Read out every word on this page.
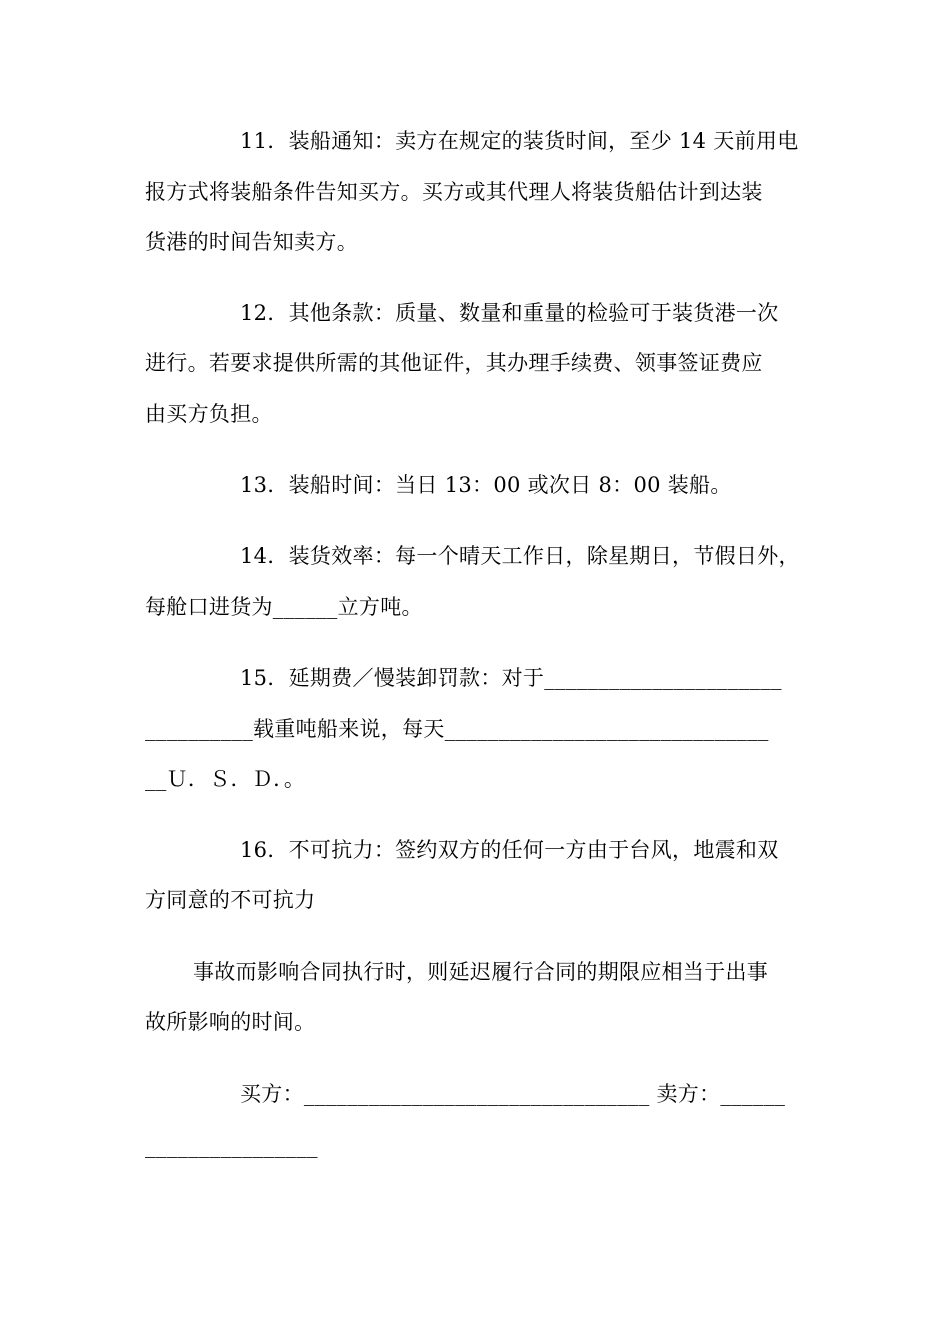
11．装船通知：卖方在规定的装货时间，至少 14 天前用电
报方式将装船条件告知买方。买方或其代理人将装货船估计到达装
货港的时间告知卖方。
12．其他条款：质量、数量和重量的检验可于装货港一次
进行。若要求提供所需的其他证件，其办理手续费、领事签证费应
由买方负担。
13．装船时间：当日 13：00 或次日 8：00 装船。
14．装货效率：每一个晴天工作日，除星期日，节假日外，
每舱口进货为______立方吨。
15．延期费／慢装卸罚款：对于______________________
__________载重吨船来说，每天______________________________
__Ｕ．Ｓ．Ｄ．。
16．不可抗力：签约双方的任何一方由于台风，地震和双
方同意的不可抗力
事故而影响合同执行时，则延迟履行合同的期限应相当于出事
故所影响的时间。
买方：________________________________ 卖方：______
________________
